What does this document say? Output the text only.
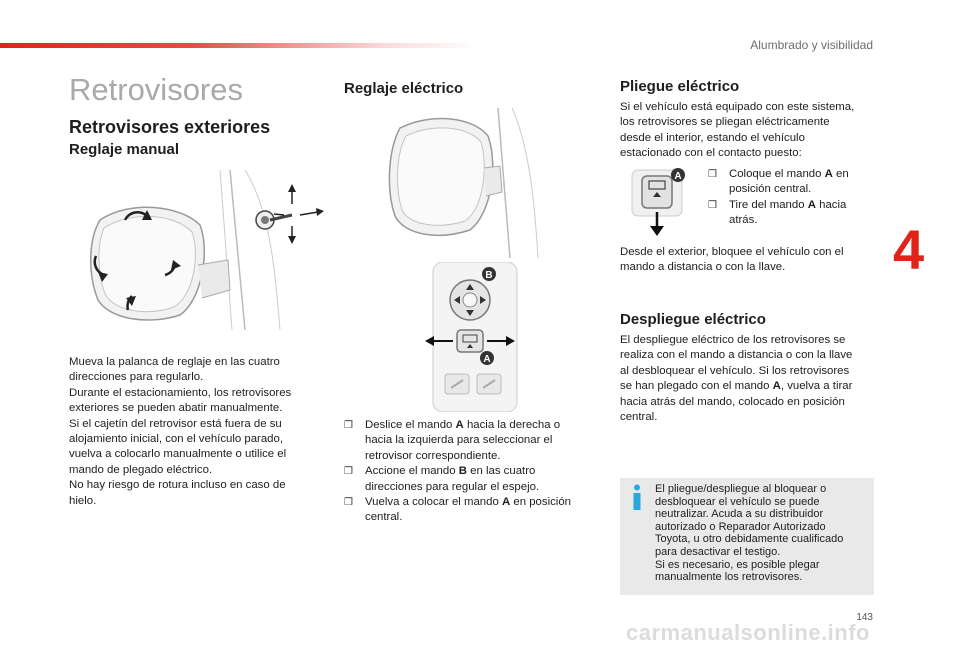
Alumbrado y visibilidad
4
143
carmanualsonline.info
Retrovisores
Retrovisores exteriores
Reglaje manual
Mueva la palanca de reglaje en las cuatro
direcciones para regularlo.
Durante el estacionamiento, los retrovisores
exteriores se pueden abatir manualmente.
Si el cajetín del retrovisor está fuera de su
alojamiento inicial, con el vehículo parado,
vuelva a colocarlo manualmente o utilice el
mando de plegado eléctrico.
No hay riesgo de rotura incluso en caso de
hielo.
Reglaje eléctrico
B
A
❒ Deslice el mando A hacia la derecha o
hacia la izquierda para seleccionar el
retrovisor correspondiente.
❒ Accione el mando B en las cuatro
direcciones para regular el espejo.
❒ Vuelva a colocar el mando A en posición
central.
Pliegue eléctrico
Si el vehículo está equipado con este sistema,
los retrovisores se pliegan eléctricamente
desde el interior, estando el vehículo
estacionado con el contacto puesto:
A	❒ Coloque el mando A en
posición central.
❒ Tire del mando A hacia
atrás.
Desde el exterior, bloquee el vehículo con el
mando a distancia o con la llave.
Despliegue eléctrico
El despliegue eléctrico de los retrovisores se
realiza con el mando a distancia o con la llave
al desbloquear el vehículo. Si los retrovisores
se han plegado con el mando A, vuelva a tirar
hacia atrás del mando, colocado en posición
central.
El pliegue/despliegue al bloquear o
desbloquear el vehículo se puede
neutralizar. Acuda a su distribuidor
autorizado o Reparador Autorizado
Toyota, u otro debidamente cualificado
para desactivar el testigo.
Si es necesario, es posible plegar
manualmente los retrovisores.
